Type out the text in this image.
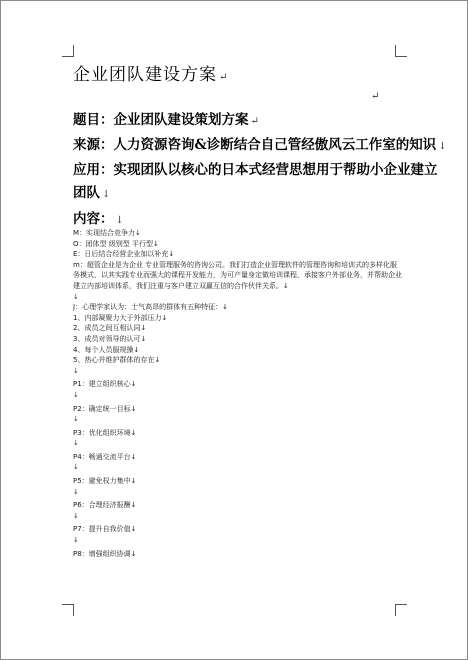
企业团队建设方案 ↵
↵
题目：企业团队建设策划方案 ↵
来源：人力资源咨询&诊断结合自己管经傲风云工作室的知识 ↓
应用：实现团队以核心的日本式经营思想用于帮助小企业建立
团队 ↓
内容： ↓
M：实现结合竞争力↓
O：团体型 级别型 平行型↓
E：日后结合经营企业加以补充↓
m：超管企业是为企业 专业管理服务的咨询公司。我们打造企业管理软件的管理咨询和培训式的多样化服务模式，以其实践专业而强大的课程开发能力，为可产量身定做培训课程，承接客户外部业务，并帮助企业建立内部培训体系，我们注重与客户建立双赢互信的合作伙伴关系。↓
↓
J：心理学家认为：士气高昂的群体有五种特征：↓
1、内部凝聚力大于外部压力↓
2、成员之间互相认同↓
3、成员对领导的认可↓
4、每个人员服规操↓
5、热心并维护群体的存在↓
↓
P1：建立组织核心↓
↓
P2：确定统一目标↓
↓
P3：优化组织环境↓
↓
P4：畅通交流平台↓
↓
P5：避免权力集中↓
↓
P6：合理经济报酬↓
↓
P7：提升自我价值↓
↓
P8：增强组织协调↓
